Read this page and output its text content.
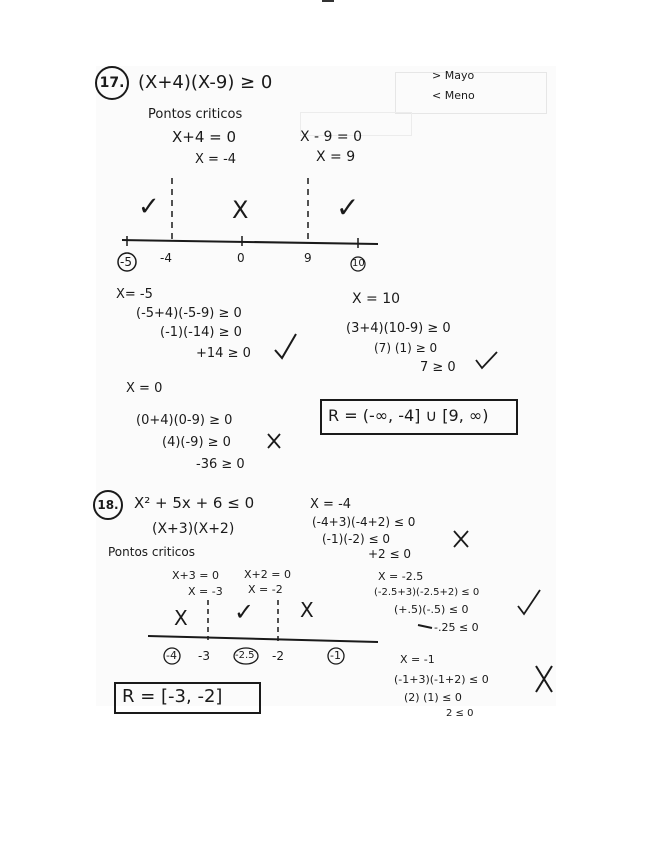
17. (X+4)(X-9) ≥ 0	> Mayo
< Meno
Pontos criticos
X+4 = 0
X = -4
X - 9 = 0
X = 9
✓	X	✓
-5 -4	0	9	10
X= -5
(-5+4)(-5-9) ≥ 0
(-1)(-14) ≥ 0
+14 ≥ 0
X = 10
(3+4)(10-9) ≥ 0
(7) (1) ≥ 0
7 ≥ 0
X = 0
(0+4)(0-9) ≥ 0
(4)(-9) ≥ 0
-36 ≥ 0
R = (-∞, -4] ∪ [9, ∞)
18. X² + 5x + 6 ≤ 0
(X+3)(X+2)
Pontos criticos
X+3 = 0
X = -3
X+2 = 0
X = -2
X ✓ X
-4 -3	-2.5 -2	-1
X = -4
(-4+3)(-4+2) ≤ 0
(-1)(-2) ≤ 0
+2 ≤ 0
X = -2.5
(-2.5+3)(-2.5+2) ≤ 0
(+.5)(-.5) ≤ 0
-.25 ≤ 0
X = -1
(-1+3)(-1+2) ≤ 0
(2) (1) ≤ 0
2 ≤ 0
R = [-3, -2]
